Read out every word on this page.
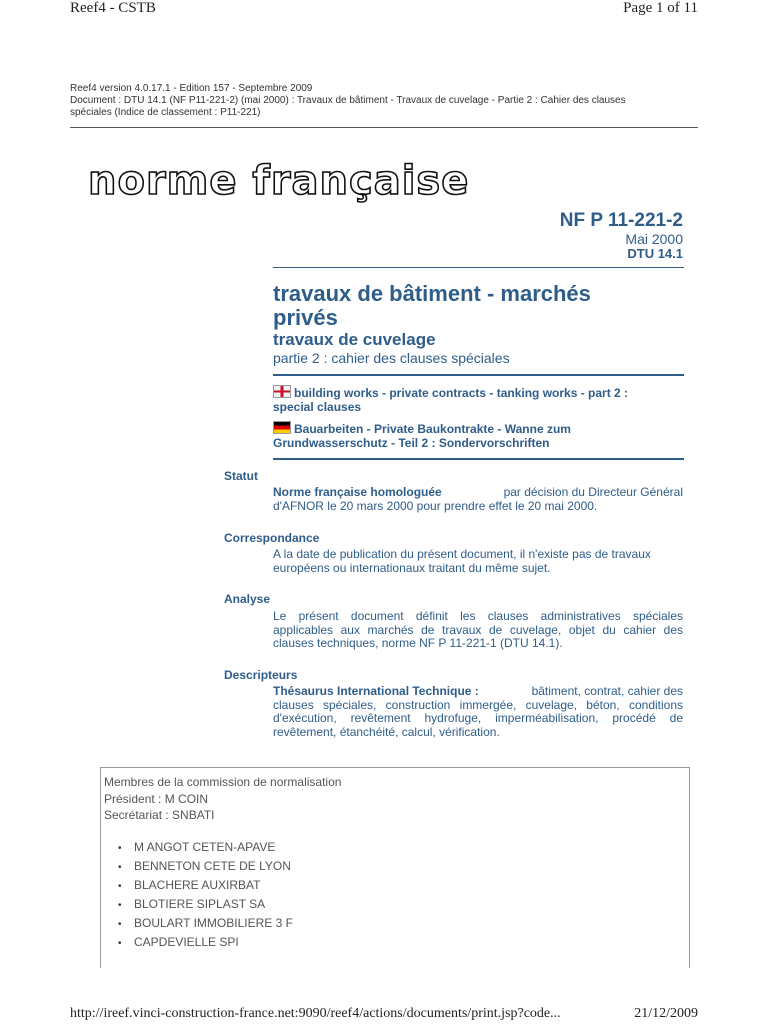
Reef4 - CSTB	Page 1 of 11
Reef4 version 4.0.17.1 - Edition 157 - Septembre 2009
Document : DTU 14.1 (NF P11-221-2) (mai 2000) : Travaux de bâtiment - Travaux de cuvelage - Partie 2 : Cahier des clauses
spéciales (Indice de classement : P11-221)
norme française
NF P 11-221-2
Mai 2000
DTU 14.1
travaux de bâtiment - marchés
privés
travaux de cuvelage
partie 2 : cahier des clauses spéciales
building works - private contracts - tanking works - part 2 :
special clauses
Bauarbeiten - Private Baukontrakte - Wanne zum
Grundwasserschutz - Teil 2 : Sondervorschriften
Statut
Norme française homologuée	par décision du Directeur Général
d'AFNOR le 20 mars 2000 pour prendre effet le 20 mai 2000.
Correspondance
A la date de publication du présent document, il n'existe pas de travaux
européens ou internationaux traitant du même sujet.
Analyse
Le présent document définit les clauses administratives spéciales
applicables aux marchés de travaux de cuvelage, objet du cahier des
clauses techniques, norme NF P 11-221-1 (DTU 14.1).
Descripteurs
Thésaurus International Technique :	bâtiment, contrat, cahier des
clauses spéciales, construction immergée, cuvelage, béton, conditions
d'exécution, revêtement hydrofuge, imperméabilisation, procédé de
revêtement, étanchéité, calcul, vérification.
Membres de la commission de normalisation
Président : M COIN
Secrétariat : SNBATI
• M ANGOT CETEN-APAVE
• BENNETON CETE DE LYON
• BLACHERE AUXIRBAT
• BLOTIERE SIPLAST SA
• BOULART IMMOBILIERE 3 F
• CAPDEVIELLE SPI
http://ireef.vinci-construction-france.net:9090/reef4/actions/documents/print.jsp?code...	21/12/2009
